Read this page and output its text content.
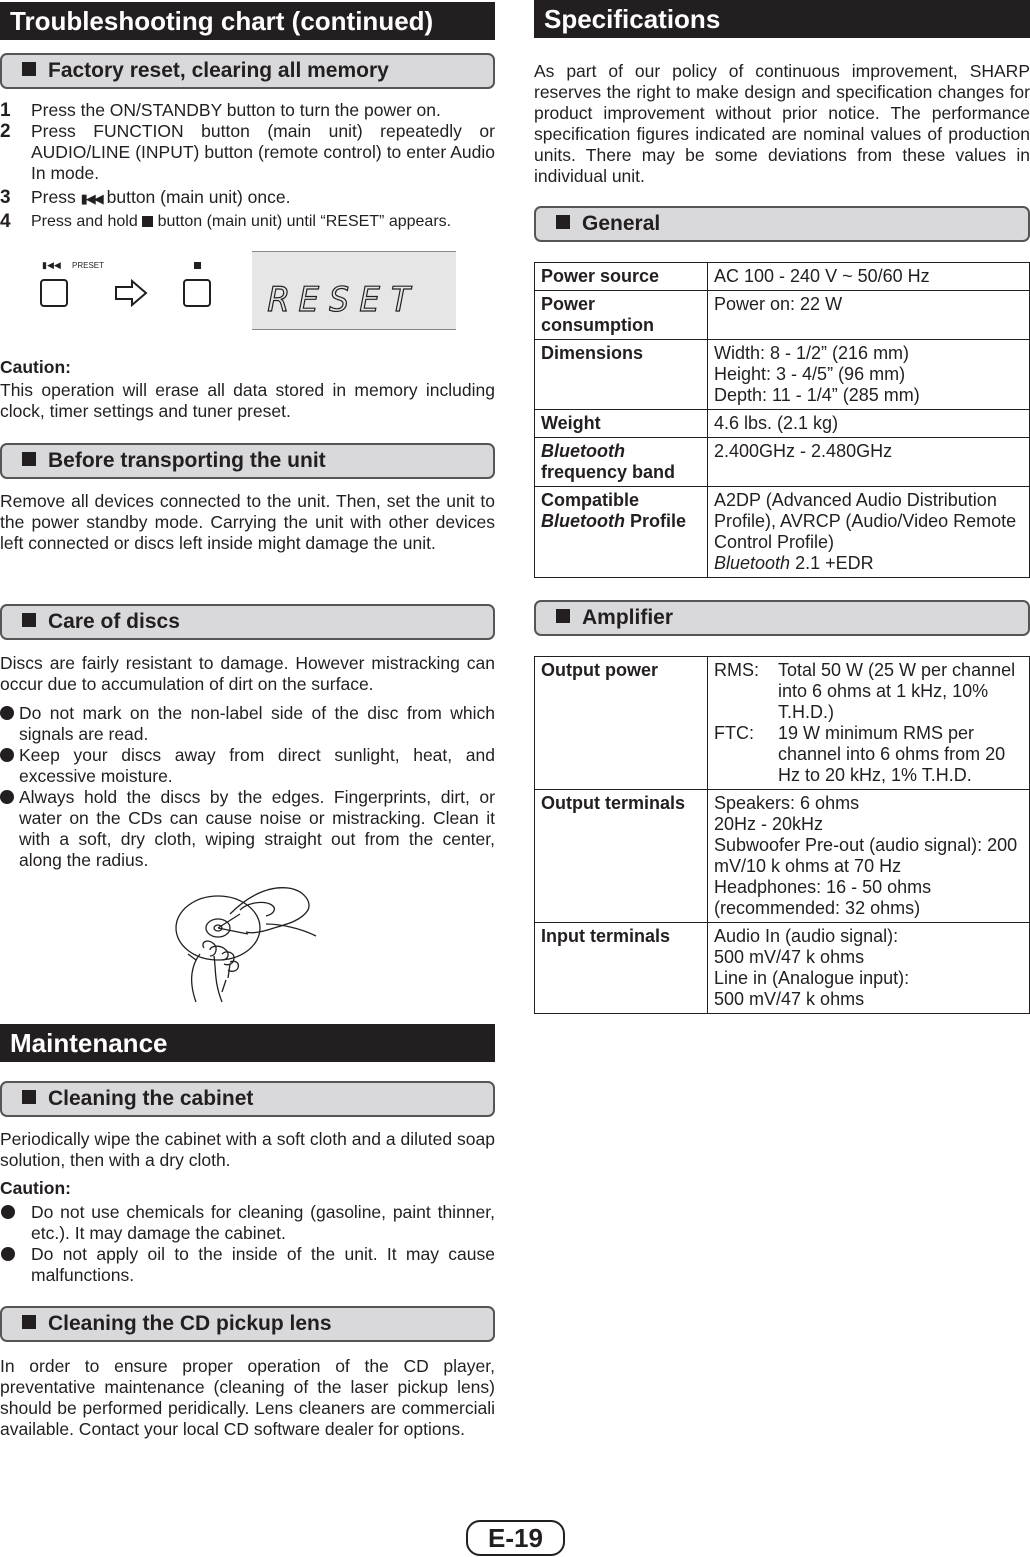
Troubleshooting chart (continued)
Factory reset, clearing all memory
1 Press the ON/STANDBY button to turn the power on.
2 Press FUNCTION button (main unit) repeatedly or AUDIO/LINE (INPUT) button (remote control) to enter Audio In mode.
3 Press ▮◀◀ button (main unit) once.
4 Press and hold  button (main unit) until “RESET” appears.
▮◀◀ PRESET
RESET
Caution:
This operation will erase all data stored in memory including clock, timer settings and tuner preset.
Before transporting the unit
Remove all devices connected to the unit. Then, set the unit to the power standby mode. Carrying the unit with other devices left connected or discs left inside might damage the unit.
Care of discs
Discs are fairly resistant to damage. However mistracking can occur due to accumulation of dirt on the surface.
Do not mark on the non-label side of the disc from which signals are read.
Keep your discs away from direct sunlight, heat, and excessive moisture.
Always hold the discs by the edges. Fingerprints, dirt, or water on the CDs can cause noise or mistracking. Clean it with a soft, dry cloth, wiping straight out from the center, along the radius.
Maintenance
Cleaning the cabinet
Periodically wipe the cabinet with a soft cloth and a diluted soap solution, then with a dry cloth.
Caution:
Do not use chemicals for cleaning (gasoline, paint thinner, etc.). It may damage the cabinet.
Do not apply oil to the inside of the unit. It may cause malfunctions.
Cleaning the CD pickup lens
In order to ensure proper operation of the CD player, preventative maintenance (cleaning of the laser pickup lens) should be performed peridically. Lens cleaners are commerciali available. Contact your local CD software dealer for options.
Specifications
As part of our policy of continuous improvement, SHARP reserves the right to make design and specification changes for product improvement without prior notice. The performance specification figures indicated are nominal values of production units. There may be some deviations from these values in individual unit.
General
Power source	AC 100 - 240 V ~ 50/60 Hz
Power consumption	Power on: 22 W
Dimensions	Width: 8 - 1/2” (216 mm)
Height: 3 - 4/5” (96 mm)
Depth: 11 - 1/4” (285 mm)

Weight	4.6 lbs. (2.1 kg)
Bluetooth
frequency band	2.400GHz - 2.480GHz
Compatible
Bluetooth Profile	A2DP (Advanced Audio Distribution Profile), AVRCP (Audio/Video Remote Control Profile)
Bluetooth 2.1 +EDR
Amplifier
Output power	RMS: Total 50 W (25 W per channel into 6 ohms at 1 kHz, 10% T.H.D.)
FTC: 19 W minimum RMS per channel into 6 ohms from 20 Hz to 20 kHz, 1% T.H.D.

Output terminals	Speakers: 6 ohms
20Hz - 20kHz
Subwoofer Pre-out (audio signal): 200 mV/10 k ohms at 70 Hz
Headphones: 16 - 50 ohms (recommended: 32 ohms)

Input terminals	Audio In (audio signal):
500 mV/47 k ohms
Line in (Analogue input):
500 mV/47 k ohms
E-19
